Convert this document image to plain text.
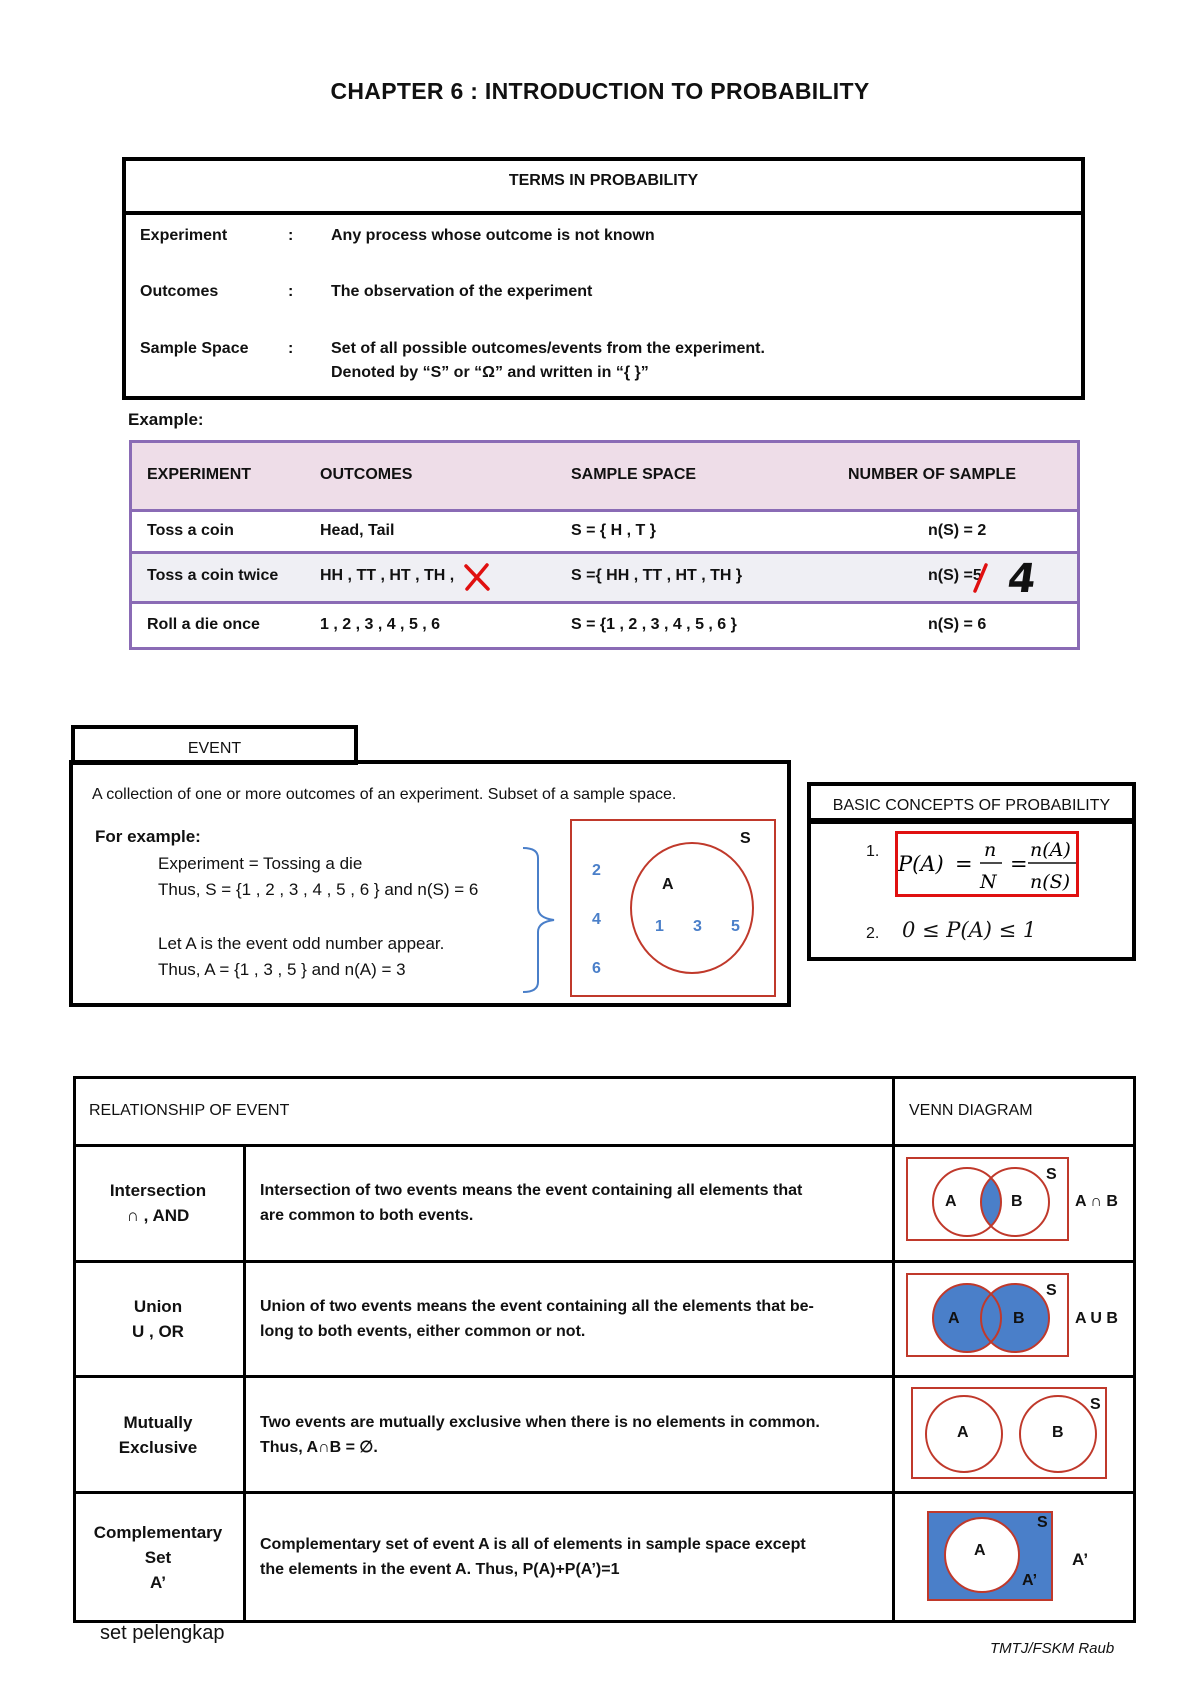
CHAPTER 6 : INTRODUCTION TO PROBABILITY
TERMS IN PROBABILITY
Experiment	: Any process whose outcome is not known
Outcomes	: The observation of the experiment
Sample Space : Set of all possible outcomes/events from the experiment.
Denoted by “S” or “Ω” and written in “{ }”
Example:
EXPERIMENT	OUTCOMES	SAMPLE SPACE	NUMBER OF SAMPLE
Toss a coin	Head, Tail	S = { H , T }	n(S) = 2
Toss a coin twice	HH , TT , HT , TH ,	S ={ HH , TT , HT , TH }	n(S) =5
Roll a die once	1 , 2 , 3 , 4 , 5 , 6	S = {1 , 2 , 3 , 4 , 5 , 6 }	n(S) = 6
4
EVENT
A collection of one or more outcomes of an experiment. Subset of a sample space.
For example:
Experiment = Tossing a die
Thus, S = {1 , 2 , 3 , 4 , 5 , 6 } and n(S) = 6
Let A is the event odd number appear.
Thus, A = {1 , 3 , 5 } and n(A) = 3
S
A
2
4
6
1 3 5
BASIC CONCEPTS OF PROBABILITY
1.
P(A) =
n
N
=
n(A)
n(S)
2. 0 ≤ P(A) ≤ 1
RELATIONSHIP OF EVENT	VENN DIAGRAM
Intersection
∩ , AND
Intersection of two events means the event containing all elements that
are common to both events.
A	B
S
A ∩ B
Union
U , OR
Union of two events means the event containing all the elements that be-
long to both events, either common or not.
A	B
S
A U B
Mutually
Exclusive
Two events are mutually exclusive when there is no elements in common.
Thus, A∩B = ∅.
A	B
S
Complementary
Set
A’
Complementary set of event A is all of elements in sample space except
the elements in the event A. Thus, P(A)+P(A’)=1
A
S
A’
A’
set pelengkap
TMTJ/FSKM Raub
